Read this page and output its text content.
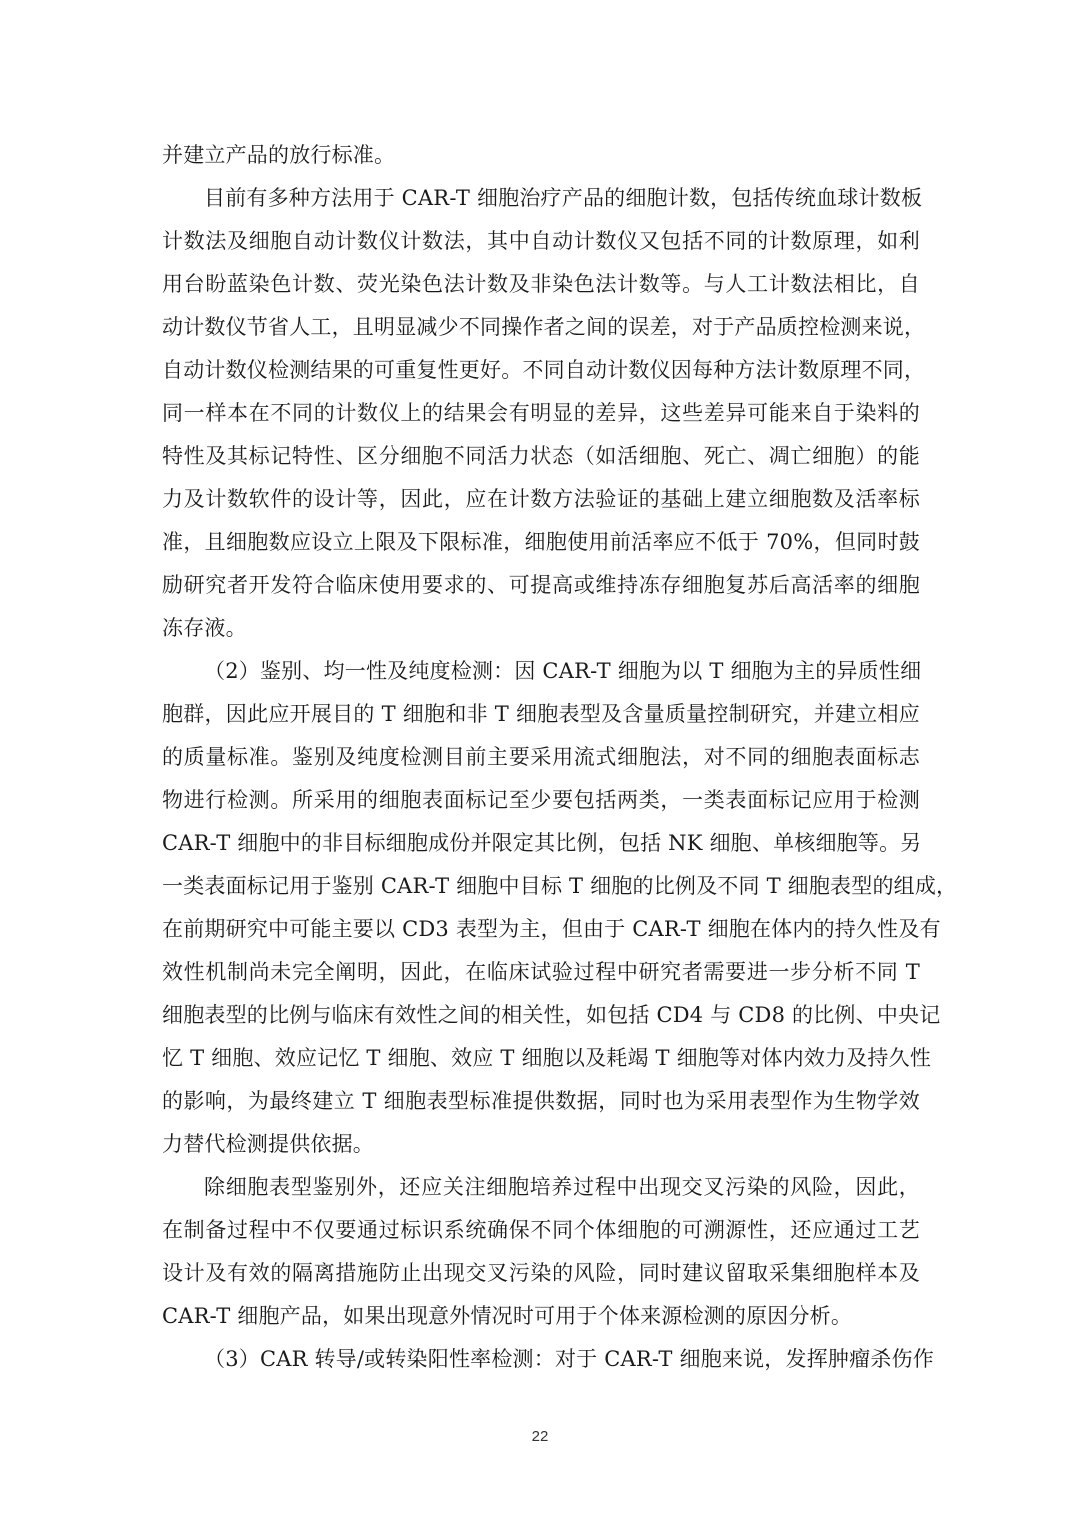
并建立产品的放行标准。
目前有多种方法用于 CAR-T 细胞治疗产品的细胞计数，包括传统血球计数板
计数法及细胞自动计数仪计数法，其中自动计数仪又包括不同的计数原理，如利
用台盼蓝染色计数、荧光染色法计数及非染色法计数等。与人工计数法相比，自
动计数仪节省人工，且明显减少不同操作者之间的误差，对于产品质控检测来说，
自动计数仪检测结果的可重复性更好。不同自动计数仪因每种方法计数原理不同，
同一样本在不同的计数仪上的结果会有明显的差异，这些差异可能来自于染料的
特性及其标记特性、区分细胞不同活力状态（如活细胞、死亡、凋亡细胞）的能
力及计数软件的设计等，因此，应在计数方法验证的基础上建立细胞数及活率标
准，且细胞数应设立上限及下限标准，细胞使用前活率应不低于 70%，但同时鼓
励研究者开发符合临床使用要求的、可提高或维持冻存细胞复苏后高活率的细胞
冻存液。
（2）鉴别、均一性及纯度检测：因 CAR-T 细胞为以 T 细胞为主的异质性细
胞群，因此应开展目的 T 细胞和非 T 细胞表型及含量质量控制研究，并建立相应
的质量标准。鉴别及纯度检测目前主要采用流式细胞法，对不同的细胞表面标志
物进行检测。所采用的细胞表面标记至少要包括两类，一类表面标记应用于检测
CAR-T 细胞中的非目标细胞成份并限定其比例，包括 NK 细胞、单核细胞等。另
一类表面标记用于鉴别 CAR-T 细胞中目标 T 细胞的比例及不同 T 细胞表型的组成，
在前期研究中可能主要以 CD3 表型为主，但由于 CAR-T 细胞在体内的持久性及有
效性机制尚未完全阐明，因此，在临床试验过程中研究者需要进一步分析不同 T
细胞表型的比例与临床有效性之间的相关性，如包括 CD4 与 CD8 的比例、中央记
忆 T 细胞、效应记忆 T 细胞、效应 T 细胞以及耗竭 T 细胞等对体内效力及持久性
的影响，为最终建立 T 细胞表型标准提供数据，同时也为采用表型作为生物学效
力替代检测提供依据。
除细胞表型鉴别外，还应关注细胞培养过程中出现交叉污染的风险，因此，
在制备过程中不仅要通过标识系统确保不同个体细胞的可溯源性，还应通过工艺
设计及有效的隔离措施防止出现交叉污染的风险，同时建议留取采集细胞样本及
CAR-T 细胞产品，如果出现意外情况时可用于个体来源检测的原因分析。
（3）CAR 转导/或转染阳性率检测：对于 CAR-T 细胞来说，发挥肿瘤杀伤作
22
